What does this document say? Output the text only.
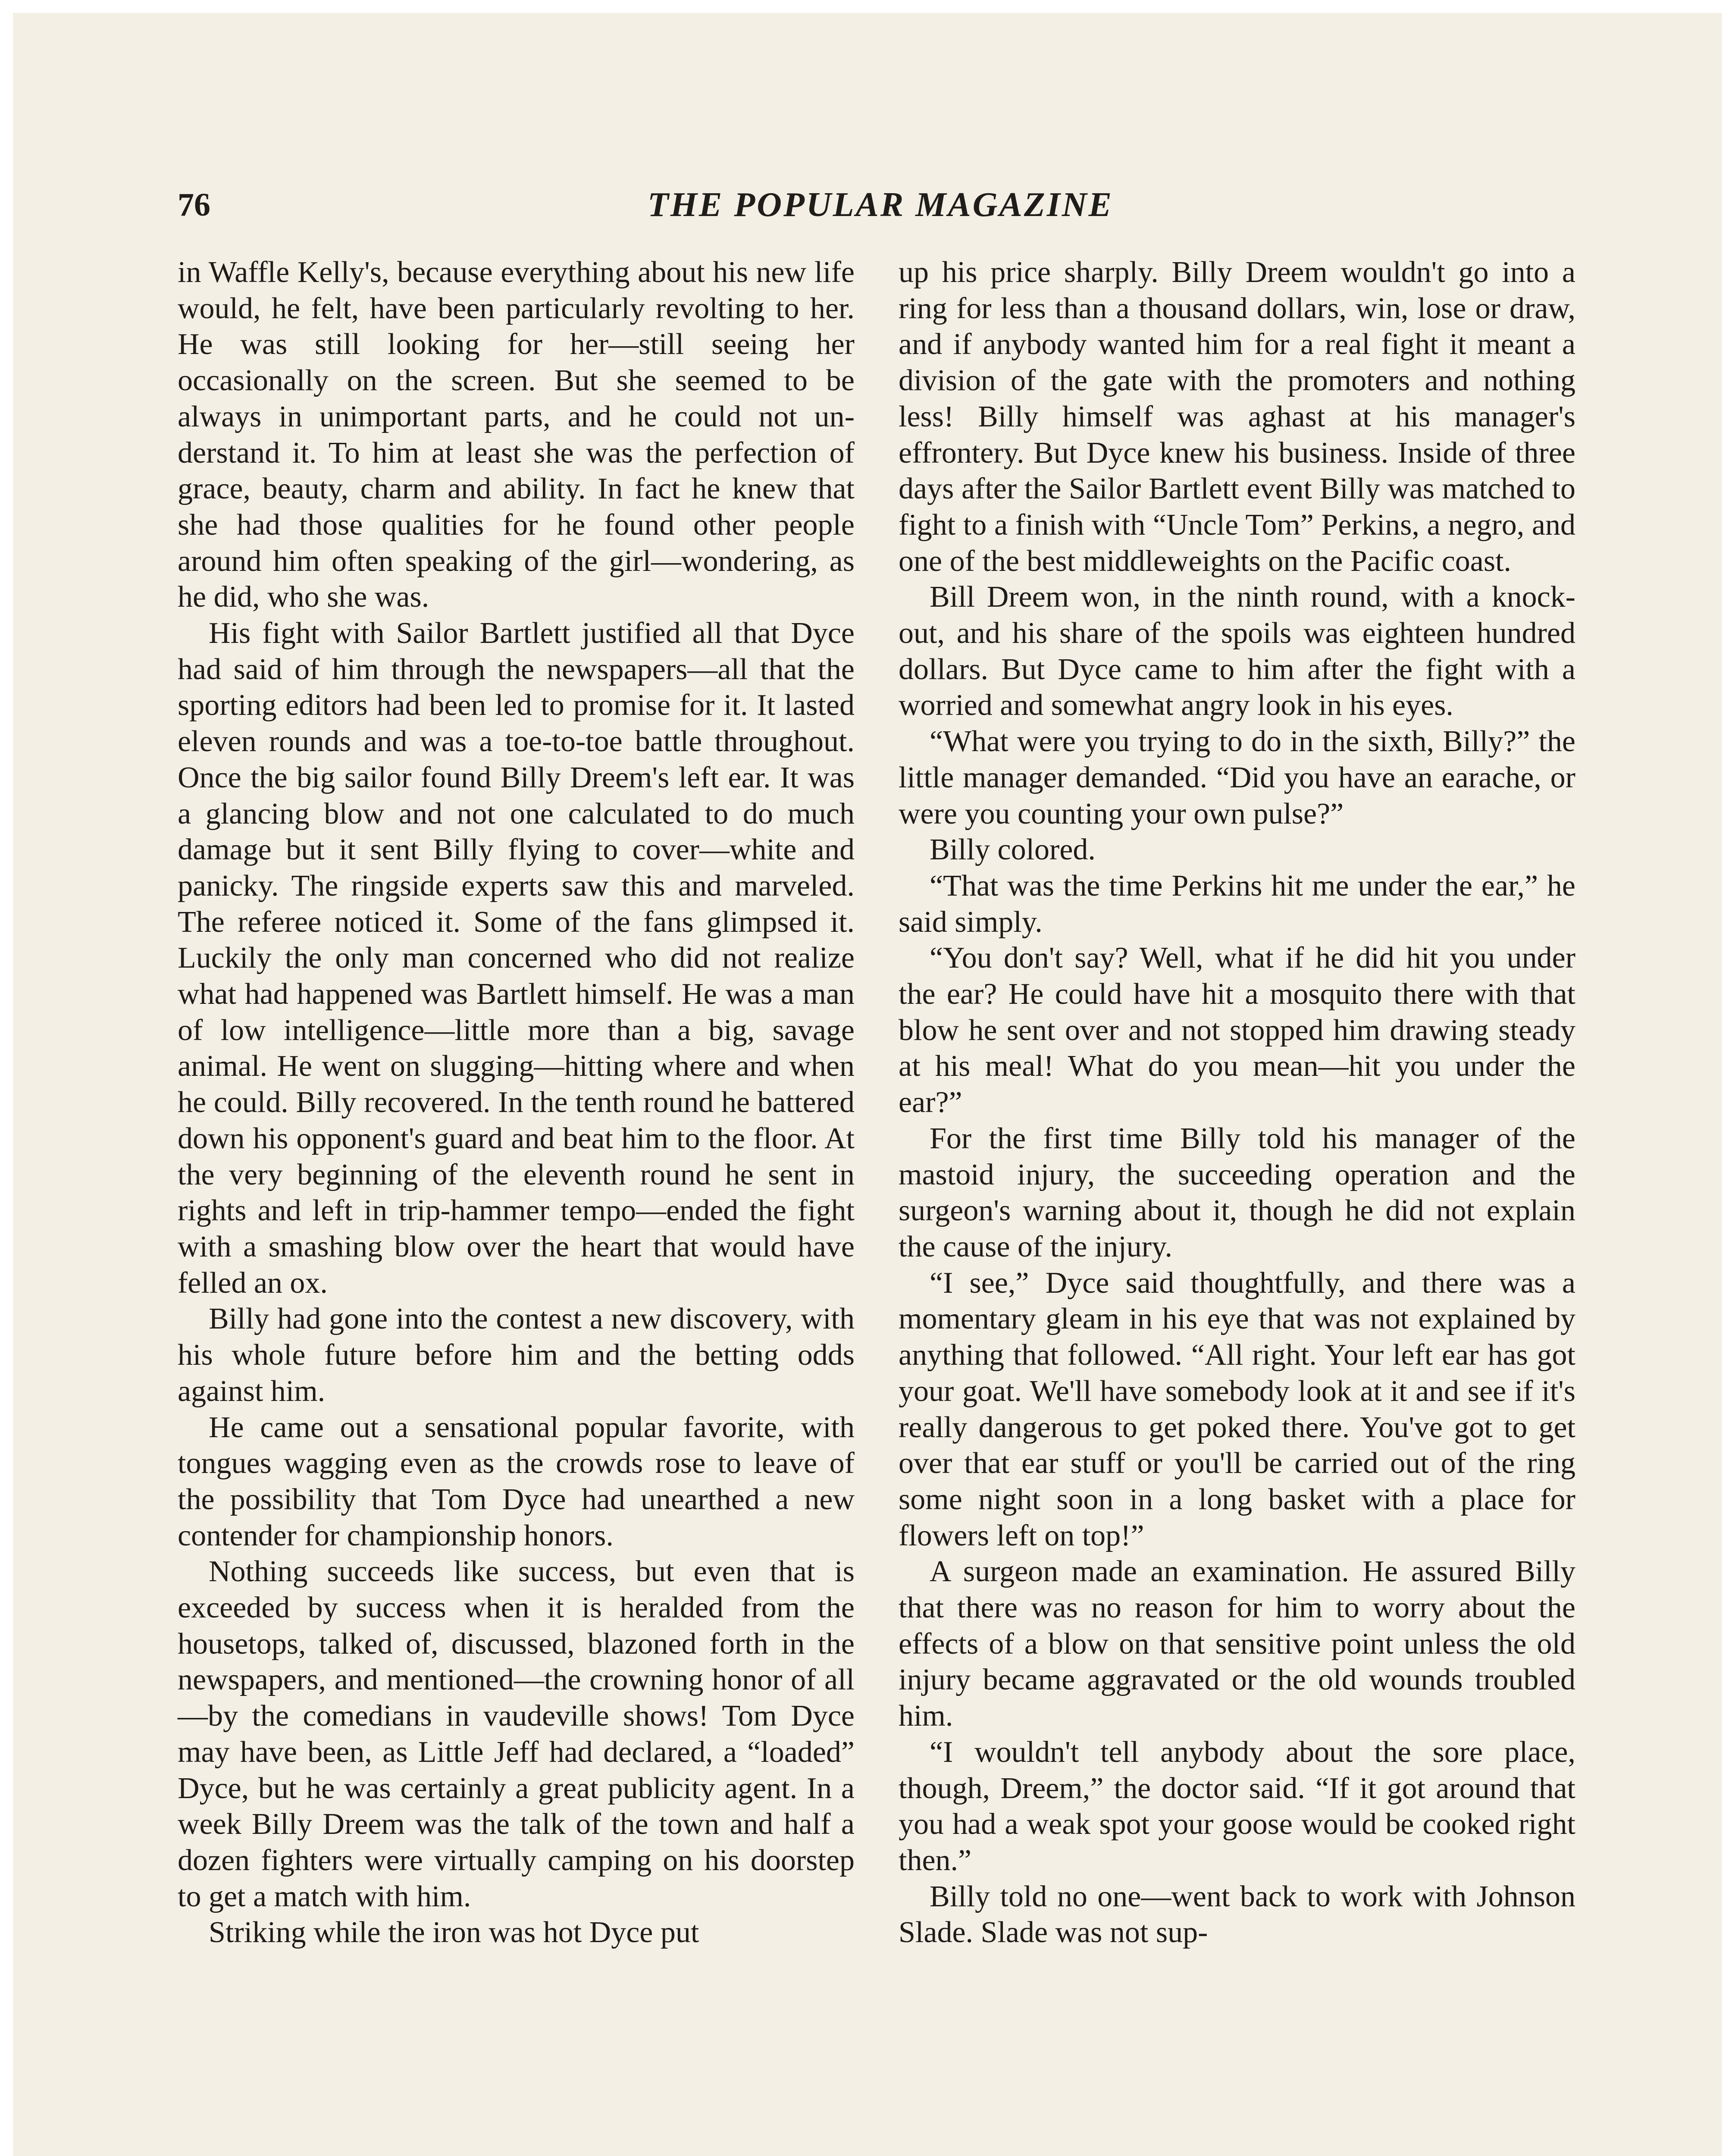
76	THE POPULAR MAGAZINE

in Waffle Kelly's, because everything about his new life would, he felt, have been particularly revolting to her. He was still looking for her—still seeing her occasionally on the screen. But she seemed to be always in unimportant parts, and he could not understand it. To him at least she was the perfection of grace, beauty, charm and ability. In fact he knew that she had those qualities for he found other people around him often speaking of the girl—wondering, as he did, who she was.

His fight with Sailor Bartlett justified all that Dyce had said of him through the newspapers—all that the sporting editors had been led to promise for it. It lasted eleven rounds and was a toe-to-toe battle throughout. Once the big sailor found Billy Dreem's left ear. It was a glancing blow and not one calculated to do much damage but it sent Billy flying to cover—white and panicky. The ringside experts saw this and marveled. The referee noticed it. Some of the fans glimpsed it. Luckily the only man concerned who did not realize what had happened was Bartlett himself. He was a man of low intelligence—little more than a big, savage animal. He went on slugging—hitting where and when he could. Billy recovered. In the tenth round he battered down his opponent's guard and beat him to the floor. At the very beginning of the eleventh round he sent in rights and left in trip-hammer tempo—ended the fight with a smashing blow over the heart that would have felled an ox.

Billy had gone into the contest a new discovery, with his whole future before him and the betting odds against him.

He came out a sensational popular favorite, with tongues wagging even as the crowds rose to leave of the possibility that Tom Dyce had unearthed a new contender for championship honors.

Nothing succeeds like success, but even that is exceeded by success when it is heralded from the housetops, talked of, discussed, blazoned forth in the newspapers, and mentioned—the crowning honor of all —by the comedians in vaudeville shows! Tom Dyce may have been, as Little Jeff had declared, a “loaded” Dyce, but he was certainly a great publicity agent. In a week Billy Dreem was the talk of the town and half a dozen fighters were virtually camping on his doorstep to get a match with him.

Striking while the iron was hot Dyce put

up his price sharply. Billy Dreem wouldn't go into a ring for less than a thousand dollars, win, lose or draw, and if anybody wanted him for a real fight it meant a division of the gate with the promoters and nothing less! Billy himself was aghast at his manager's effrontery. But Dyce knew his business. Inside of three days after the Sailor Bartlett event Billy was matched to fight to a finish with “Uncle Tom” Perkins, a negro, and one of the best middleweights on the Pacific coast.

Bill Dreem won, in the ninth round, with a knock-out, and his share of the spoils was eighteen hundred dollars. But Dyce came to him after the fight with a worried and somewhat angry look in his eyes.

“What were you trying to do in the sixth, Billy?” the little manager demanded. “Did you have an earache, or were you counting your own pulse?”

Billy colored.

“That was the time Perkins hit me under the ear,” he said simply.

“You don't say? Well, what if he did hit you under the ear? He could have hit a mosquito there with that blow he sent over and not stopped him drawing steady at his meal! What do you mean—hit you under the ear?”

For the first time Billy told his manager of the mastoid injury, the succeeding operation and the surgeon's warning about it, though he did not explain the cause of the injury.

“I see,” Dyce said thoughtfully, and there was a momentary gleam in his eye that was not explained by anything that followed. “All right. Your left ear has got your goat. We'll have somebody look at it and see if it's really dangerous to get poked there. You've got to get over that ear stuff or you'll be carried out of the ring some night soon in a long basket with a place for flowers left on top!”

A surgeon made an examination. He assured Billy that there was no reason for him to worry about the effects of a blow on that sensitive point unless the old injury became aggravated or the old wounds troubled him.

“I wouldn't tell anybody about the sore place, though, Dreem,” the doctor said. “If it got around that you had a weak spot your goose would be cooked right then.”

Billy told no one—went back to work with Johnson Slade. Slade was not sup-
